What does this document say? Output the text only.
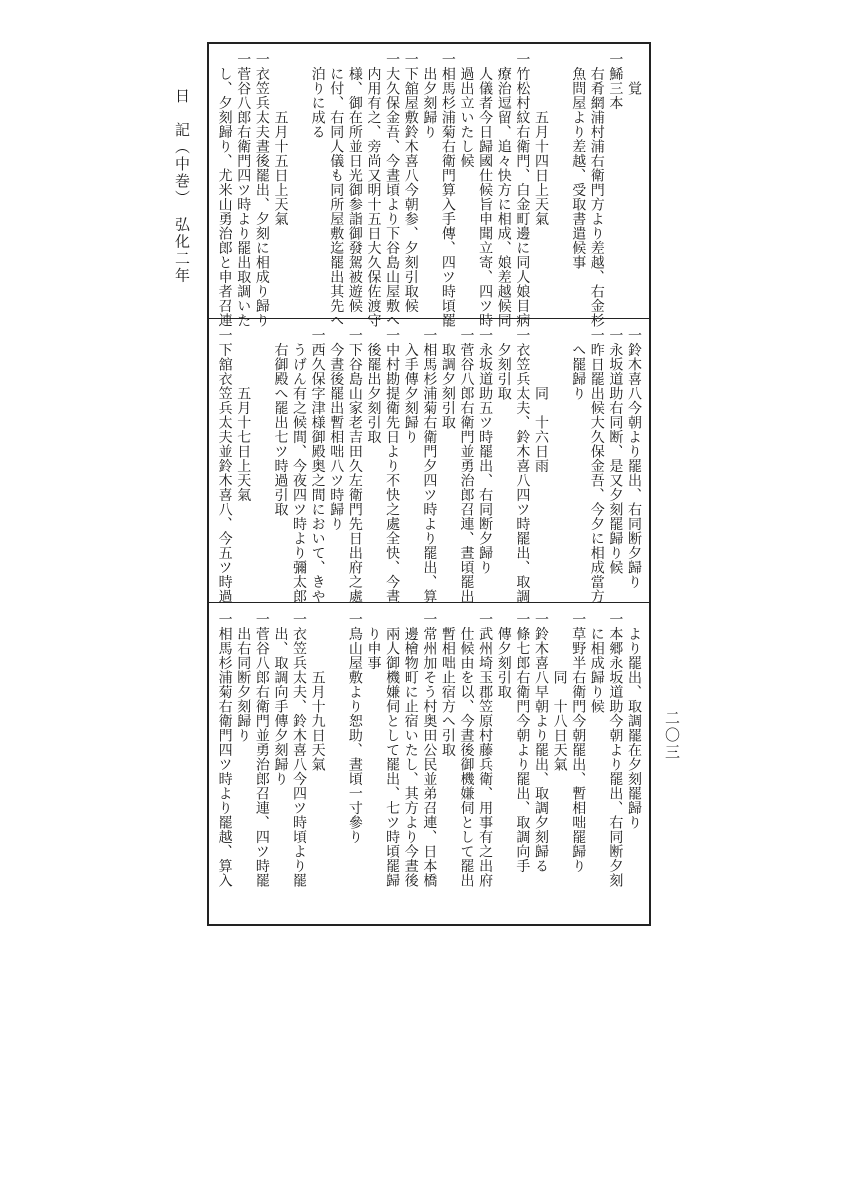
　　覚
一鯑三本
　右肴網浦村浦右衛門方より差越、右金杉
　魚問屋より差越、受取書遣候事
　　　　五月十四日上天氣
一竹松村紋右衛門、白金町邊に同人娘目病
　療治逗留、追々快方に相成、娘差越候同
　人儀者今日歸國仕候旨申聞立寄、四ツ時
　過出立いたし候
一相馬杉浦菊右衛門算入手傳、四ツ時頃罷
　出夕刻歸り
一下舘屋敷鈴木喜八今朝参、夕刻引取候
一大久保金吾、今晝頃より下谷島山屋敷へ
　内用有之、旁尚又明十五日大久保佐渡守
　様、御在所並日光御参詣御發駕被遊候
　に付、右同人儀も同所屋敷迄罷出其先へ
　泊りに成る
　　　　五月十五日上天氣
一衣笠兵太夫晝後罷出、夕刻に相成り歸り
一菅谷八郎右衛門四ツ時より罷出取調いた
　し、夕刻歸り、尤米山勇治郎と申者召連
一鈴木喜八今朝より罷出、右同断夕歸り
一永坂道助右同断、是又夕刻罷歸り候
一昨日罷出候大久保金吾、今夕に相成當方
　へ罷歸り
　　　　同　十六日雨
一衣笠兵太夫、鈴木喜八四ツ時罷出、取調
　夕刻引取
一永坂道助五ツ時罷出、右同断夕歸り
一菅谷八郎右衛門並勇治郎召連、晝頃罷出
　取調夕刻引取
一相馬杉浦菊右衛門夕四ツ時より罷出、算
　入手傳夕刻歸り
一中村勘提衛先日より不快之處全快、今晝
　後罷出夕刻引取
一下谷島山家老吉田久左衛門先日出府之處
　今晝後罷出暫相咄八ツ時歸り
一西久保字津様御殿奥之間において、きや
　うげん有之候間、今夜四ツ時より彌太郎
　右御殿へ罷出七ツ時過引取
　　　　五月十七日上天氣
一下舘衣笠兵太夫並鈴木喜八、今五ツ時過
　より罷出、取調罷在夕刻罷歸り
一本郷永坂道助今朝より罷出、右同断夕刻
　に相成歸り候
一草野半右衛門今朝罷出、暫相咄罷歸り
　　　　同　十八日天氣
一鈴木喜八早朝より罷出、取調夕刻歸る
一條七郎右衛門今朝より罷出、取調向手
　傳夕刻引取
一武州埼玉郡笠原村藤兵衛、用事有之出府
　仕候由を以、今晝後御機嫌伺として罷出
　暫相咄止宿方へ引取
一常州加そう村奥田公民並弟召連、日本橋
　邊檜物町に止宿いたし、其方より今晝後
　兩人御機嫌伺として罷出、七ツ時頃罷歸
　り申事
一鳥山屋敷より恕助、晝頃一寸參り
　　　　五月十九日天氣
一衣笠兵太夫、鈴木喜八今四ツ時頃より罷
　出、取調向手傳夕刻歸り
一菅谷八郎右衛門並勇治郎召連、四ツ時罷
　出右同断夕刻歸り
一相馬杉浦菊右衛門四ツ時より罷越、算入
日　記（中巻）　弘化二年
二〇三
